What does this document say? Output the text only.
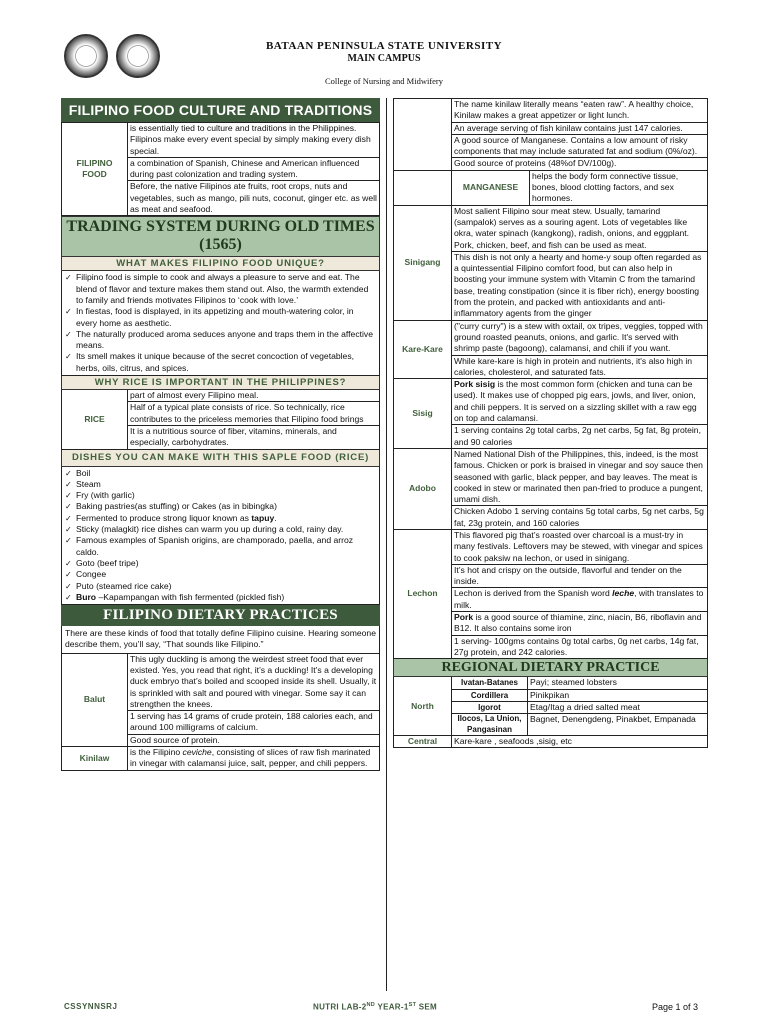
BATAAN PENINSULA STATE UNIVERSITY
MAIN CAMPUS
College of Nursing and Midwifery
FILIPINO FOOD CULTURE AND TRADITIONS
FILIPINO FOOD	is essentially tied to culture and traditions in the Philippines. Filipinos make every event special by simply making every dish special.
a combination of Spanish, Chinese and American influenced during past colonization and trading system.
Before, the native Filipinos ate fruits, root crops, nuts and vegetables, such as mango, pili nuts, coconut, ginger etc. as well as meat and seafood.
TRADING SYSTEM DURING OLD TIMES
(1565)
WHAT MAKES FILIPINO FOOD UNIQUE?
✓ Filipino food is simple to cook and always a pleasure to serve and eat. The blend of flavor and texture makes them stand out. Also, the warmth extended to family and friends motivates Filipinos to ‘cook with love.’
✓ In fiestas, food is displayed, in its appetizing and mouth-watering color, in every home as aesthetic.
✓ The naturally produced aroma seduces anyone and traps them in the affective means.
✓ Its smell makes it unique because of the secret concoction of vegetables, herbs, oils, citrus, and spices.
WHY RICE IS IMPORTANT IN THE PHILIPPINES?
RICE	part of almost every Filipino meal.
Half of a typical plate consists of rice. So technically, rice contributes to the priceless memories that Filipino food brings
It is a nutritious source of fiber, vitamins, minerals, and especially, carbohydrates.
DISHES YOU CAN MAKE WITH THIS SAPLE FOOD (RICE)
✓ Boil
✓ Steam
✓ Fry (with garlic)
✓ Baking pastries(as stuffing) or Cakes (as in bibingka)
✓ Fermented to produce strong liquor known as tapuy.
✓ Sticky (malagkit) rice dishes can warm you up during a cold, rainy day.
✓ Famous examples of Spanish origins, are champorado, paella, and arroz caldo.
✓ Goto (beef tripe)
✓ Congee
✓ Puto (steamed rice cake)
✓ Buro –Kapampangan with fish fermented (pickled fish)
FILIPINO DIETARY PRACTICES
There are these kinds of food that totally define Filipino cuisine. Hearing someone describe them, you’ll say, “That sounds like Filipino.”
Balut	This ugly duckling is among the weirdest street food that ever existed. Yes, you read that right, it’s a duckling! It’s a developing duck embryo that’s boiled and scooped inside its shell. Usually, it is sprinkled with salt and poured with vinegar. Some say it can strengthen the knees.
	1 serving has 14 grams of crude protein, 188 calories each, and around 100 milligrams of calcium.
	Good source of protein.
Kinilaw	is the Filipino ceviche, consisting of slices of raw fish marinated in vinegar with calamansi juice, salt, pepper, and chili peppers.
	The name kinilaw literally means “eaten raw”. A healthy choice, Kinilaw makes a great appetizer or light lunch.
An average serving of fish kinilaw contains just 147 calories.
A good source of Manganese. Contains a low amount of risky components that may include saturated fat and sodium (0%/oz).
Good source of proteins (48%of DV/100g).
	MANGANESE	helps the body form connective tissue, bones, blood clotting factors, and sex hormones.
Sinigang	Most salient Filipino sour meat stew. Usually, tamarind (sampalok) serves as a souring agent. Lots of vegetables like okra, water spinach (kangkong), radish, onions, and eggplant. Pork, chicken, beef, and fish can be used as meat.
	This dish is not only a hearty and home-y soup often regarded as a quintessential Filipino comfort food, but can also help in boosting your immune system with Vitamin C from the tamarind base, treating constipation (since it is fiber rich), energy boosting from the protein, and packed with antioxidants and anti-inflammatory agents from the ginger
Kare-Kare	("curry curry") is a stew with oxtail, ox tripes, veggies, topped with ground roasted peanuts, onions, and garlic. It's served with shrimp paste (bagoong), calamansi, and chili if you want.
	While kare-kare is high in protein and nutrients, it's also high in calories, cholesterol, and saturated fats.
Sisig	Pork sisig is the most common form (chicken and tuna can be used). It makes use of chopped pig ears, jowls, and liver, onion, and chili peppers. It is served on a sizzling skillet with a raw egg on top and calamansi.
	1 serving contains 2g total carbs, 2g net carbs, 5g fat, 8g protein, and 90 calories
Adobo	Named National Dish of the Philippines, this, indeed, is the most famous. Chicken or pork is braised in vinegar and soy sauce then seasoned with garlic, black pepper, and bay leaves. The meat is cooked in stew or marinated then pan-fried to produce a pungent, umami dish.
	Chicken Adobo 1 serving contains 5g total carbs, 5g net carbs, 5g fat, 23g protein, and 160 calories
Lechon	This flavored pig that’s roasted over charcoal is a must-try in many festivals. Leftovers may be stewed, with vinegar and spices to cook paksiw na lechon, or used in sinigang.
	It’s hot and crispy on the outside, flavorful and tender on the inside.
	Lechon is derived from the Spanish word leche, with translates to milk.
	Pork is a good source of thiamine, zinc, niacin, B6, riboflavin and B12. It also contains some iron
	1 serving- 100gms contains 0g total carbs, 0g net carbs, 14g fat, 27g protein, and 242 calories.
REGIONAL DIETARY PRACTICE
North	Ivatan-Batanes	Payi; steamed lobsters
	Cordillera	Pinikpikan
	Igorot	Etag/Itag a dried salted meat
	Ilocos, La Union, Pangasinan	Bagnet, Denengdeng, Pinakbet, Empanada
Central	Kare-kare , seafoods ,sisig, etc	
CSSYNNSRJ	NUTRI LAB-2ND YEAR-1ST SEM	Page 1 of 3
